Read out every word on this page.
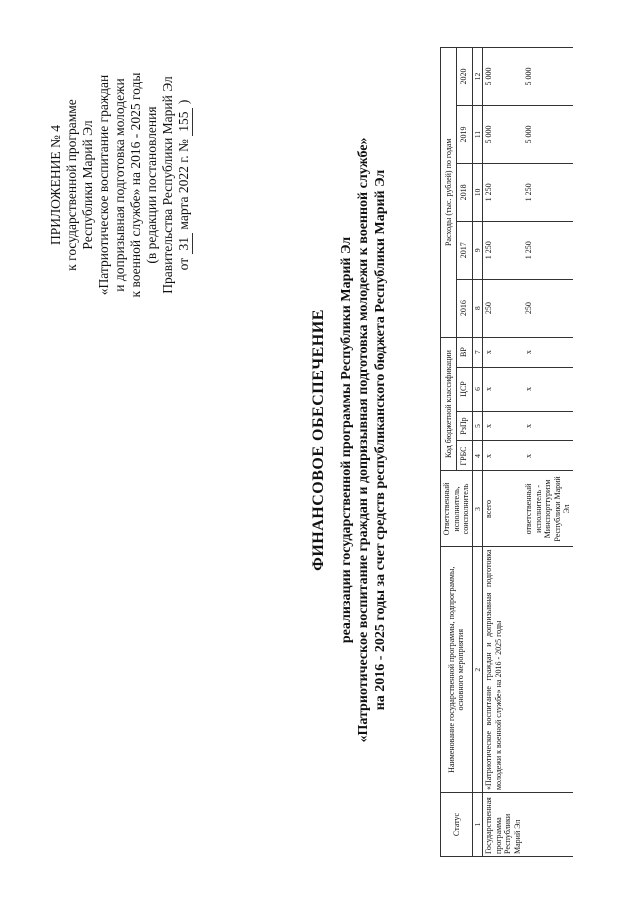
ПРИЛОЖЕНИЕ № 4 к государственной программе Республики Марий Эл «Патриотическое воспитание граждан и допризывная подготовка молодежи к военной службе» на 2016 - 2025 годы (в редакции постановления Правительства Республики Марий Эл от 31 марта 2022 г. № 155 )
ФИНАНСОВОЕ ОБЕСПЕЧЕНИЕ реализации государственной программы Республики Марий Эл «Патриотическое воспитание граждан и допризывная подготовка молодежи к военной службе» на 2016 - 2025 годы за счет средств республиканского бюджета Республики Марий Эл
Статус	Наименование государственной программы, подпрограммы, основного мероприятия	Ответственный исполнитель, соисполнитель	Код бюджетной классификации				Расходы (тыс. рублей) по годам				
			ГРБС	РзПр	ЦСР	ВР	2016	2017	2018	2019	2020
1	2	3	4	5	6	7	8	9	10	11	12
Государственная программа Республики Марий Эл	«Патриотическое воспитание граждан и допризывная подготовка молодежи к военной службе» на 2016 - 2025 годы	всего	х	х	х	х	250	1 250	1 250	5 000	5 000
		ответственный исполнитель - Минспорттуризм Республики Марий Эл	х	х	х	х	250	1 250	1 250	5 000	5 000
